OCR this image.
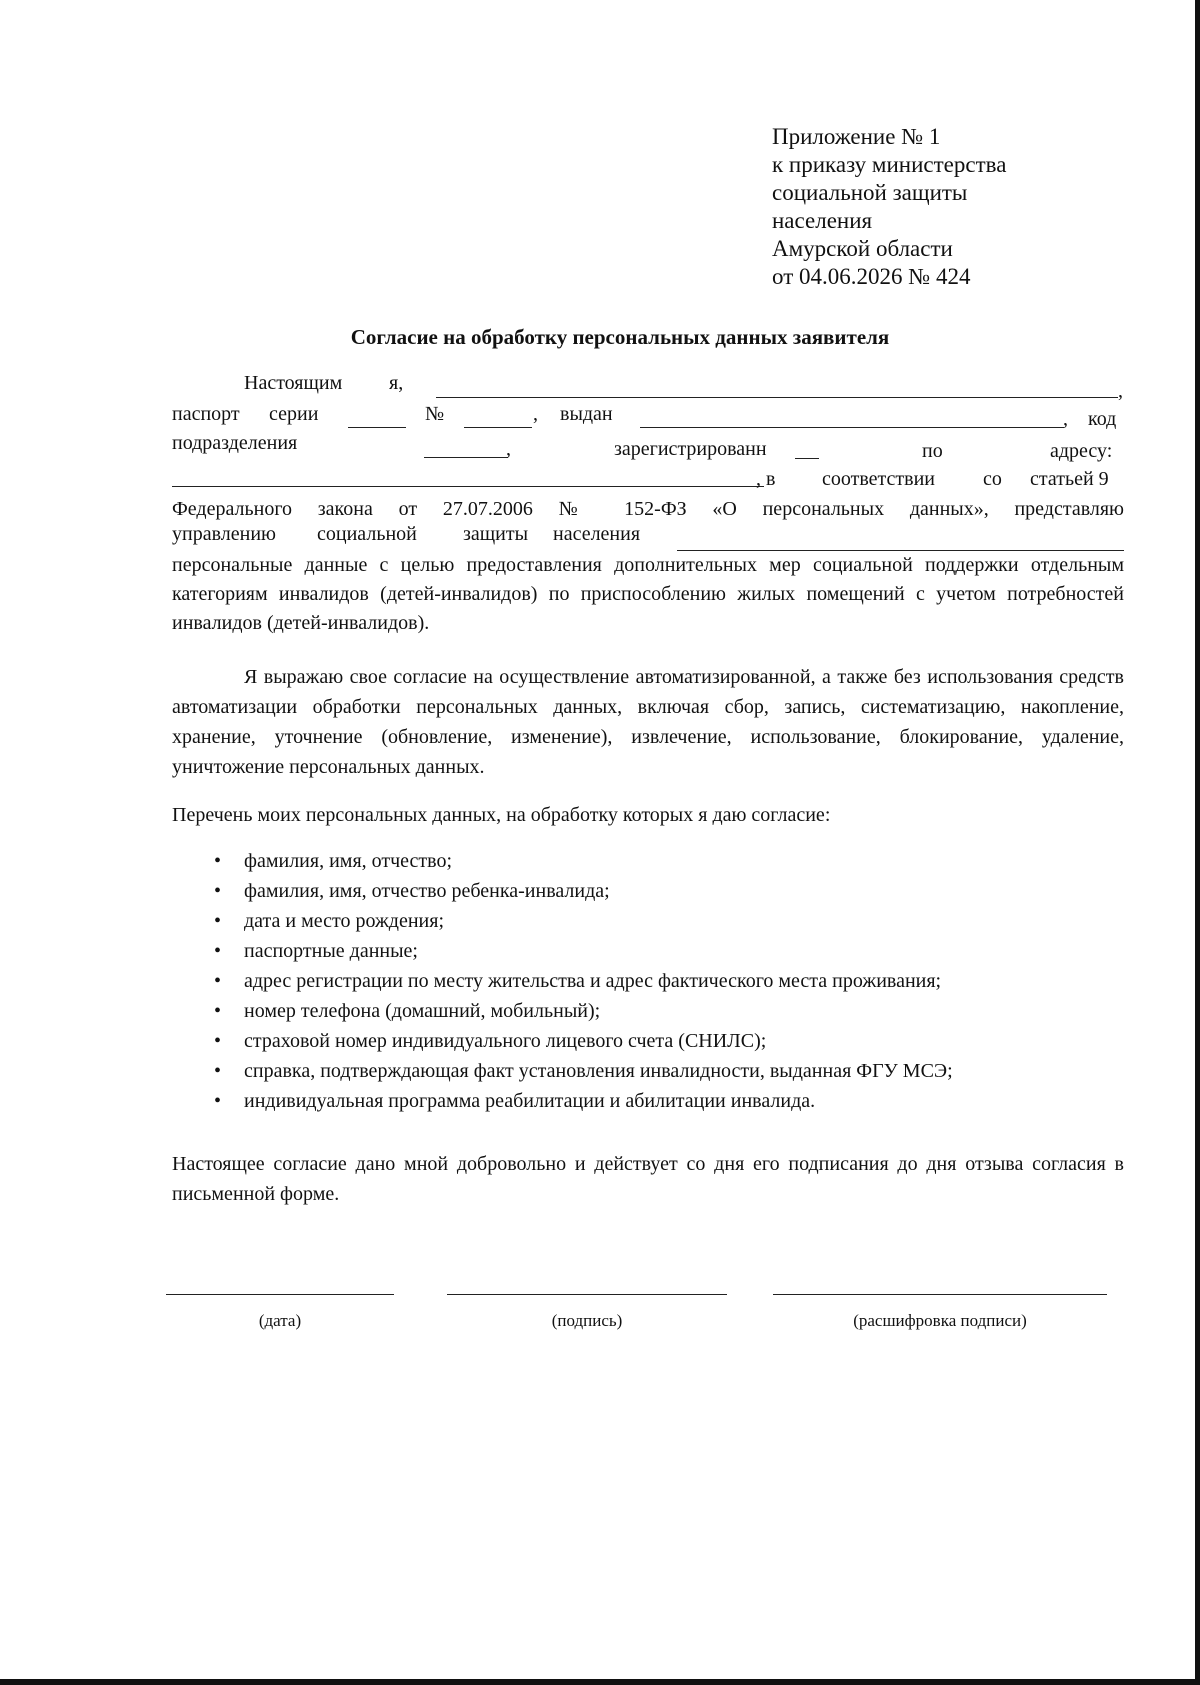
Приложение № 1
к приказу министерства
социальной защиты
населения
Амурской области
от 04.06.2026 № 424
Согласие на обработку персональных данных заявителя
Настоящим я,	,
паспорт серии	№	, выдан	, код
подразделения	,	зарегистрированн	по	адресу:
, в соответствии со статьей 9
Федерального закона от 27.07.2006 № 152-ФЗ «О персональных данных», представляю
управлению социальной защиты населения
персональные данные с целью предоставления дополнительных мер социальной поддержки отдельным категориям инвалидов (детей-инвалидов) по приспособлению жилых помещений с учетом потребностей инвалидов (детей-инвалидов).
Я выражаю свое согласие на осуществление автоматизированной, а также без использования средств автоматизации обработки персональных данных, включая сбор, запись, систематизацию, накопление, хранение, уточнение (обновление, изменение), извлечение, использование, блокирование, удаление, уничтожение персональных данных.
Перечень моих персональных данных, на обработку которых я даю согласие:
• фамилия, имя, отчество;
• фамилия, имя, отчество ребенка-инвалида;
• дата и место рождения;
• паспортные данные;
• адрес регистрации по месту жительства и адрес фактического места проживания;
• номер телефона (домашний, мобильный);
• страховой номер индивидуального лицевого счета (СНИЛС);
• справка, подтверждающая факт установления инвалидности, выданная ФГУ МСЭ;
• индивидуальная программа реабилитации и абилитации инвалида.
Настоящее согласие дано мной добровольно и действует со дня его подписания до дня отзыва согласия в письменной форме.
(дата)	(подпись)	(расшифровка подписи)
